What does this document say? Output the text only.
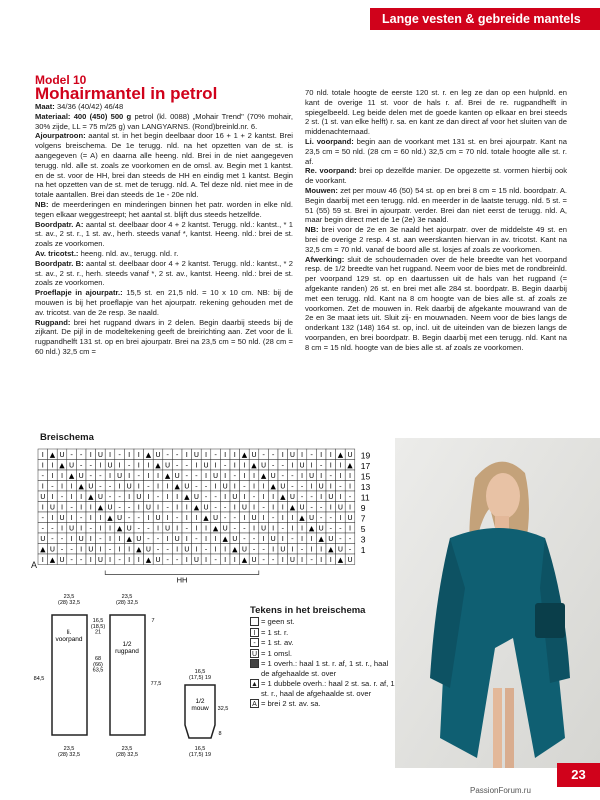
Lange vesten & gebreide mantels
Model 10
Mohairmantel in petrol

Maat: 34/36 (40/42) 46/48

Materiaal: 400 (450) 500 g petrol (kl. 0088) „Mohair Trend" (70% mohair, 30% zijde, LL = 75 m/25 g) van LANGYARNS. (Rond)breinld.nr. 6.

Ajourpatroon: aantal st. in het begin deelbaar door 16 + 1 + 2 kantst. Brei volgens breischema. De 1e terugg. nld. na het opzetten van de st. is aangegeven (= A) en daarna alle heeng. nld. Brei in de niet aangegeven terugg. nld. alle st. zoals ze voorkomen en de omsl. av. Begin met 1 kantst. en de st. voor de HH, brei dan steeds de HH en eindig met 1 kantst. Begin na het opzetten van de st. met de terugg. nld. A. Tel deze nld. niet mee in de totale aantallen. Brei dan steeds de 1e - 20e nld.

NB: de meerderingen en minderingen binnen het patr. worden in elke nld. tegen elkaar weggestreept; het aantal st. blijft dus steeds hetzelfde.

Boordpatr. A: aantal st. deelbaar door 4 + 2 kantst. Terugg. nld.: kantst., * 1 st. av., 2 st. r., 1 st. av., herh. steeds vanaf *, kantst. Heeng. nld.: brei de st. zoals ze voorkomen.

Av. tricotst.: heeng. nld. av., terugg. nld. r.

Boordpatr. B: aantal st. deelbaar door 4 + 2 kantst. Terugg. nld.: kantst., * 2 st. av., 2 st. r., herh. steeds vanaf *, 2 st. av., kantst. Heeng. nld.: brei de st. zoals ze voorkomen.

Proeflapje in ajourpatr.: 15,5 st. en 21,5 nld. = 10 x 10 cm. NB: bij de mouwen is bij het proeflapje van het ajourpatr. rekening gehouden met de av. tricotst. van de 2e resp. 3e naald.

Rugpand: brei het rugpand dwars in 2 delen. Begin daarbij steeds bij de zijkant. De pijl in de modeltekening geeft de breirichting aan. Zet voor de li. rugpandhelft 131 st. op en brei ajourpatr. Brei na 23,5 cm = 50 nld. (28 cm = 60 nld.) 32,5 cm =

70 nld. totale hoogte de eerste 120 st. r. en leg ze dan op een hulpnld. en kant de overige 11 st. voor de hals r. af. Brei de re. rugpandhelft in spiegelbeeld. Leg beide delen met de goede kanten op elkaar en brei steeds 2 st. (1 st. van elke helft) r. sa. en kant ze dan direct af voor het sluiten van de middenachternaad.

Li. voorpand: begin aan de voorkant met 131 st. en brei ajourpatr. Kant na 23,5 cm = 50 nld. (28 cm = 60 nld.) 32,5 cm = 70 nld. totale hoogte alle st. r. af.

Re. voorpand: brei op dezelfde manier. De opgezette st. vormen hierbij ook de voorkant.

Mouwen: zet per mouw 46 (50) 54 st. op en brei 8 cm = 15 nld. boordpatr. A. Begin daarbij met een terugg. nld. en meerder in de laatste terugg. nld. 5 st. = 51 (55) 59 st. Brei in ajourpatr. verder. Brei dan niet eerst de terugg. nld. A, maar begin direct met de 1e (2e) 3e naald.

NB: brei voor de 2e en 3e naald het ajourpatr. over de middelste 49 st. en brei de overige 2 resp. 4 st. aan weerskanten hiervan in av. tricotst. Kant na 32,5 cm = 70 nld. vanaf de boord alle st. losjes af zoals ze voorkomen.

Afwerking: sluit de schoudernaden over de hele breedte van het voorpand resp. de 1/2 breedte van het rugpand. Neem voor de bies met de rondbreinld. per voorpand 129 st. op en daartussen uit de hals van het rugpand (= afgekante randen) 26 st. en brei met alle 284 st. boordpatr. B. Begin daarbij met een terugg. nld. Kant na 8 cm hoogte van de bies alle st. af zoals ze voorkomen. Zet de mouwen in. Rek daarbij de afgekante mouwrand van de 2e en 3e maat iets uit. Sluit zij- en mouwnaden. Neem voor de bies langs de onderkant 132 (148) 164 st. op, incl. uit de uiteinden van de biezen langs de voorpanden, en brei boordpatr. B. Begin daarbij met een terugg. nld. Kant na 8 cm = 15 nld. hoogte van de bies alle st. af zoals ze voorkomen.

Breischema
I ▲ U - - I U I - I I ▲ U - - I U I - I I ▲ U - - I U I - I I ▲ U
I I ▲ U - - I U I - I I ▲ U - - I U I - I I ▲ U - - I U I - I I ▲
- I I ▲ U - - I U I - I I ▲ U - - I U I - I I ▲ U - - I U I - I I
I - I I ▲ U - - I U I - I I ▲ U - - I U I - I I ▲ U - - I U I - I
U I - I I ▲ U - - I U I - I I ▲ U - - I U I - I I ▲ U - - I U I -
I U I - I I ▲ U - - I U I - I I ▲ U - - I U I - I I ▲ U - - I U I
- I U I - I I ▲ U - - I U I - I I ▲ U - - I U I - I I ▲ U - - I U
- - I U I - I I ▲ U - - I U I - I I ▲ U - - I U I - I I ▲ U - - I
U - - I U I - I I ▲ U - - I U I - I I ▲ U - - I U I - I I ▲ U - -
▲ U - - I U I - I I ▲ U - - I U I - I I ▲ U - - I U I - I I ▲ U -
I ▲ U - - I U I - I I ▲ U - - I U I - I I ▲ U - - I U I - I I ▲ U
19
17
15
13
11
9
7
5
3
1
HH
A
li.
voorpand
1/2
rugpand
23,5
(28) 32,5
23,5
(28) 32,5
23,5
(28) 32,5
23,5
(28) 32,5
84,5
77,5
68
(66)
63,5
16,5
(18,5)
21
7
16,5
(17,5) 19
1/2
mouw 32,5
8
16,5
(17,5) 19
Tekens in het breischema
= geen st.
I = 1 st. r.
- = 1 st. av.
U = 1 omsl.
= 1 overh.: haal 1 st. r. af, 1 st. r., haal de afgehaalde st. over
▲ = 1 dubbele overh.: haal 2 st. sa. r. af, 1 st. r., haal de afgehaalde st. over
A = brei 2 st. av. sa.
23
PassionForum.ru
